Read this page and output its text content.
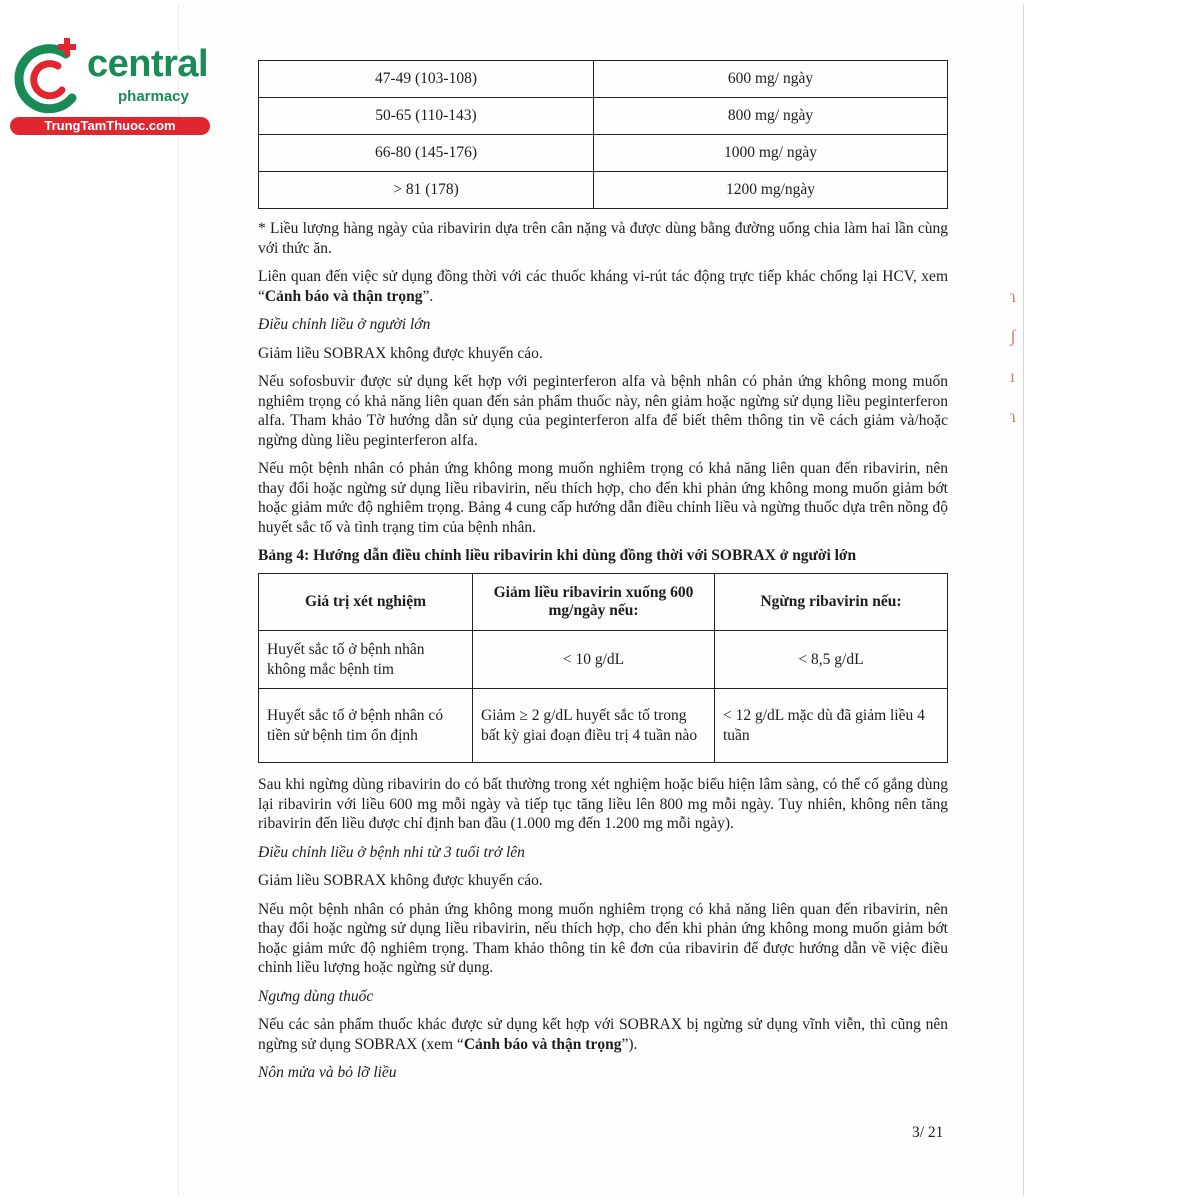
central
pharmacy
TrungTamThuoc.com
ɿ
ʃ
ı
ɿ
47-49 (103-108)	600 mg/ ngày
50-65 (110-143)	800 mg/ ngày
66-80 (145-176)	1000 mg/ ngày
> 81 (178)	1200 mg/ngày

* Liều lượng hàng ngày của ribavirin dựa trên cân nặng và được dùng bằng đường uống chia làm hai lần cùng với thức ăn.

Liên quan đến việc sử dụng đồng thời với các thuốc kháng vi-rút tác động trực tiếp khác chống lại HCV, xem “Cảnh báo và thận trọng”.

Điều chỉnh liều ở người lớn

Giảm liều SOBRAX không được khuyến cáo.

Nếu sofosbuvir được sử dụng kết hợp với peginterferon alfa và bệnh nhân có phản ứng không mong muốn nghiêm trọng có khả năng liên quan đến sản phẩm thuốc này, nên giảm hoặc ngừng sử dụng liều peginterferon alfa. Tham khảo Tờ hướng dẫn sử dụng của peginterferon alfa để biết thêm thông tin về cách giảm và/hoặc ngừng dùng liều peginterferon alfa.

Nếu một bệnh nhân có phản ứng không mong muốn nghiêm trọng có khả năng liên quan đến ribavirin, nên thay đổi hoặc ngừng sử dụng liều ribavirin, nếu thích hợp, cho đến khi phản ứng không mong muốn giảm bớt hoặc giảm mức độ nghiêm trọng. Bảng 4 cung cấp hướng dẫn điều chỉnh liều và ngừng thuốc dựa trên nồng độ huyết sắc tố và tình trạng tim của bệnh nhân.

Bảng 4: Hướng dẫn điều chỉnh liều ribavirin khi dùng đồng thời với SOBRAX ở người lớn
Giá trị xét nghiệm	Giảm liều ribavirin xuống 600 mg/ngày nếu:	Ngừng ribavirin nếu:
Huyết sắc tố ở bệnh nhân không mắc bệnh tim	< 10 g/dL	< 8,5 g/dL
Huyết sắc tố ở bệnh nhân có tiền sử bệnh tim ổn định	Giảm ≥ 2 g/dL huyết sắc tố trong bất kỳ giai đoạn điều trị 4 tuần nào	< 12 g/dL mặc dù đã giảm liều 4 tuần

Sau khi ngừng dùng ribavirin do có bất thường trong xét nghiệm hoặc biểu hiện lâm sàng, có thể cố gắng dùng lại ribavirin với liều 600 mg mỗi ngày và tiếp tục tăng liều lên 800 mg mỗi ngày. Tuy nhiên, không nên tăng ribavirin đến liều được chỉ định ban đầu (1.000 mg đến 1.200 mg mỗi ngày).

Điều chỉnh liều ở bệnh nhi từ 3 tuổi trở lên

Giảm liều SOBRAX không được khuyến cáo.

Nếu một bệnh nhân có phản ứng không mong muốn nghiêm trọng có khả năng liên quan đến ribavirin, nên thay đổi hoặc ngừng sử dụng liều ribavirin, nếu thích hợp, cho đến khi phản ứng không mong muốn giảm bớt hoặc giảm mức độ nghiêm trọng. Tham khảo thông tin kê đơn của ribavirin để được hướng dẫn về việc điều chỉnh liều lượng hoặc ngừng sử dụng.

Ngưng dùng thuốc

Nếu các sản phẩm thuốc khác được sử dụng kết hợp với SOBRAX bị ngừng sử dụng vĩnh viễn, thì cũng nên ngừng sử dụng SOBRAX (xem “Cảnh báo và thận trọng”).

Nôn mửa và bỏ lỡ liều

3/ 21
